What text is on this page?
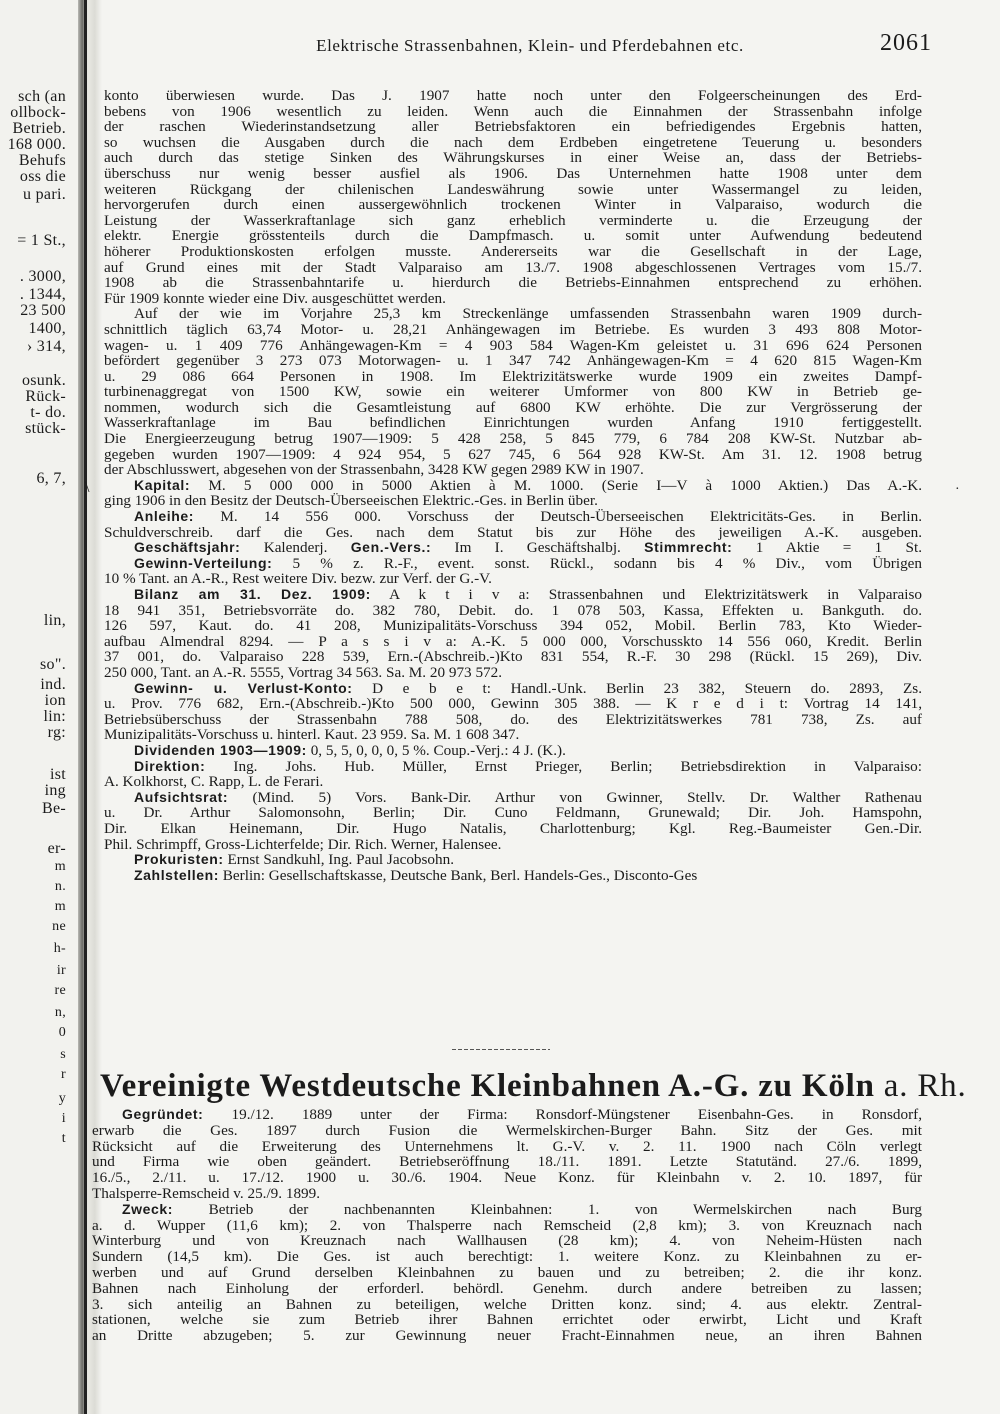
sch (an
ollbock-
Betrieb.
168 000.
Behufs
oss die
u pari.
= 1 St.,
. 3000,
. 1344,
23 500
1400,
› 314,
osunk.
Rück-
t- do.
stück-
6, 7,
lin,
so".
ind.
ion
lin:
rg:
ist
ing
Be-
er-
m
n.
m
ne
h-
ir
re
n,
0
s
r
y
i
t
Elektrische Strassenbahnen, Klein- und Pferdebahnen etc.	2061
konto überwiesen wurde. Das J. 1907 hatte noch unter den Folgeerscheinungen des Erd-
bebens von 1906 wesentlich zu leiden. Wenn auch die Einnahmen der Strassenbahn infolge
der raschen Wiederinstandsetzung aller Betriebsfaktoren ein befriedigendes Ergebnis hatten,
so wuchsen die Ausgaben durch die nach dem Erdbeben eingetretene Teuerung u. besonders
auch durch das stetige Sinken des Währungskurses in einer Weise an, dass der Betriebs-
überschuss nur wenig besser ausfiel als 1906. Das Unternehmen hatte 1908 unter dem
weiteren Rückgang der chilenischen Landeswährung sowie unter Wassermangel zu leiden,
hervorgerufen durch einen aussergewöhnlich trockenen Winter in Valparaiso, wodurch die
Leistung der Wasserkraftanlage sich ganz erheblich verminderte u. die Erzeugung der
elektr. Energie grösstenteils durch die Dampfmasch. u. somit unter Aufwendung bedeutend
höherer Produktionskosten erfolgen musste. Andererseits war die Gesellschaft in der Lage,
auf Grund eines mit der Stadt Valparaiso am 13./7. 1908 abgeschlossenen Vertrages vom 15./7.
1908 ab die Strassenbahntarife u. hierdurch die Betriebs-Einnahmen entsprechend zu erhöhen.
Für 1909 konnte wieder eine Div. ausgeschüttet werden.
Auf der wie im Vorjahre 25,3 km Streckenlänge umfassenden Strassenbahn waren 1909 durch-
schnittlich täglich 63,74 Motor- u. 28,21 Anhängewagen im Betriebe. Es wurden 3 493 808 Motor-
wagen- u. 1 409 776 Anhängewagen-Km = 4 903 584 Wagen-Km geleistet u. 31 696 624 Personen
befördert gegenüber 3 273 073 Motorwagen- u. 1 347 742 Anhängewagen-Km = 4 620 815 Wagen-Km
u. 29 086 664 Personen in 1908. Im Elektrizitätswerke wurde 1909 ein zweites Dampf-
turbinenaggregat von 1500 KW, sowie ein weiterer Umformer von 800 KW in Betrieb ge-
nommen, wodurch sich die Gesamtleistung auf 6800 KW erhöhte. Die zur Vergrösserung der
Wasserkraftanlage im Bau befindlichen Einrichtungen wurden Anfang 1910 fertiggestellt.
Die Energieerzeugung betrug 1907—1909: 5 428 258, 5 845 779, 6 784 208 KW-St. Nutzbar ab-
gegeben wurden 1907—1909: 4 924 954, 5 627 745, 6 564 928 KW-St. Am 31. 12. 1908 betrug
der Abschlusswert, abgesehen von der Strassenbahn, 3428 KW gegen 2989 KW in 1907.
Kapital: M. 5 000 000 in 5000 Aktien à M. 1000. (Serie I—V à 1000 Aktien.) Das A.-K.
ging 1906 in den Besitz der Deutsch-Überseeischen Elektric.-Ges. in Berlin über.
Anleihe: M. 14 556 000. Vorschuss der Deutsch-Überseeischen Elektricitäts-Ges. in Berlin.
Schuldverschreib. darf die Ges. nach dem Statut bis zur Höhe des jeweiligen A.-K. ausgeben.
Geschäftsjahr: Kalenderj. Gen.-Vers.: Im I. Geschäftshalbj. Stimmrecht: 1 Aktie = 1 St.
Gewinn-Verteilung: 5 % z. R.-F., event. sonst. Rückl., sodann bis 4 % Div., vom Übrigen
10 % Tant. an A.-R., Rest weitere Div. bezw. zur Verf. der G.-V.
Bilanz am 31. Dez. 1909: A k t i v a: Strassenbahnen und Elektrizitätswerk in Valparaiso
18 941 351, Betriebsvorräte do. 382 780, Debit. do. 1 078 503, Kassa, Effekten u. Bankguth. do.
126 597, Kaut. do. 41 208, Munizipalitäts-Vorschuss 394 052, Mobil. Berlin 783, Kto Wieder-
aufbau Almendral 8294. — P a s s i v a: A.-K. 5 000 000, Vorschusskto 14 556 060, Kredit. Berlin
37 001, do. Valparaiso 228 539, Ern.-(Abschreib.-)Kto 831 554, R.-F. 30 298 (Rückl. 15 269), Div.
250 000, Tant. an A.-R. 5555, Vortrag 34 563. Sa. M. 20 973 572.
Gewinn- u. Verlust-Konto: D e b e t: Handl.-Unk. Berlin 23 382, Steuern do. 2893, Zs.
u. Prov. 776 682, Ern.-(Abschreib.-)Kto 500 000, Gewinn 305 388. — K r e d i t: Vortrag 14 141,
Betriebsüberschuss der Strassenbahn 788 508, do. des Elektrizitätswerkes 781 738, Zs. auf
Munizipalitäts-Vorschuss u. hinterl. Kaut. 23 959. Sa. M. 1 608 347.
Dividenden 1903—1909: 0, 5, 5, 0, 0, 0, 5 %. Coup.-Verj.: 4 J. (K.).
Direktion: Ing. Johs. Hub. Müller, Ernst Prieger, Berlin; Betriebsdirektion in Valparaiso:
A. Kolkhorst, C. Rapp, L. de Ferari.
Aufsichtsrat: (Mind. 5) Vors. Bank-Dir. Arthur von Gwinner, Stellv. Dr. Walther Rathenau
u. Dr. Arthur Salomonsohn, Berlin; Dir. Cuno Feldmann, Grunewald; Dir. Joh. Hamspohn,
Dir. Elkan Heinemann, Dir. Hugo Natalis, Charlottenburg; Kgl. Reg.-Baumeister Gen.-Dir.
Phil. Schrimpff, Gross-Lichterfelde; Dir. Rich. Werner, Halensee.
Prokuristen: Ernst Sandkuhl, Ing. Paul Jacobsohn.
Zahlstellen: Berlin: Gesellschaftskasse, Deutsche Bank, Berl. Handels-Ges., Disconto-Ges
Vereinigte Westdeutsche Kleinbahnen A.-G. zu Köln a. Rh.
Gegründet: 19./12. 1889 unter der Firma: Ronsdorf-Müngstener Eisenbahn-Ges. in Ronsdorf,
erwarb die Ges. 1897 durch Fusion die Wermelskirchen-Burger Bahn. Sitz der Ges. mit
Rücksicht auf die Erweiterung des Unternehmens lt. G.-V. v. 2. 11. 1900 nach Cöln verlegt
und Firma wie oben geändert. Betriebseröffnung 18./11. 1891. Letzte Statutänd. 27./6. 1899,
16./5., 2./11. u. 17./12. 1900 u. 30./6. 1904. Neue Konz. für Kleinbahn v. 2. 10. 1897, für
Thalsperre-Remscheid v. 25./9. 1899.
Zweck: Betrieb der nachbenannten Kleinbahnen: 1. von Wermelskirchen nach Burg
a. d. Wupper (11,6 km); 2. von Thalsperre nach Remscheid (2,8 km); 3. von Kreuznach nach
Winterburg und von Kreuznach nach Wallhausen (28 km); 4. von Neheim-Hüsten nach
Sundern (14,5 km). Die Ges. ist auch berechtigt: 1. weitere Konz. zu Kleinbahnen zu er-
werben und auf Grund derselben Kleinbahnen zu bauen und zu betreiben; 2. die ihr konz.
Bahnen nach Einholung der erforderl. behördl. Genehm. durch andere betreiben zu lassen;
3. sich anteilig an Bahnen zu beteiligen, welche Dritten konz. sind; 4. aus elektr. Zentral-
stationen, welche sie zum Betrieb ihrer Bahnen errichtet oder erwirbt, Licht und Kraft
an Dritte abzugeben; 5. zur Gewinnung neuer Fracht-Einnahmen neue, an ihren Bahnen
·
\
